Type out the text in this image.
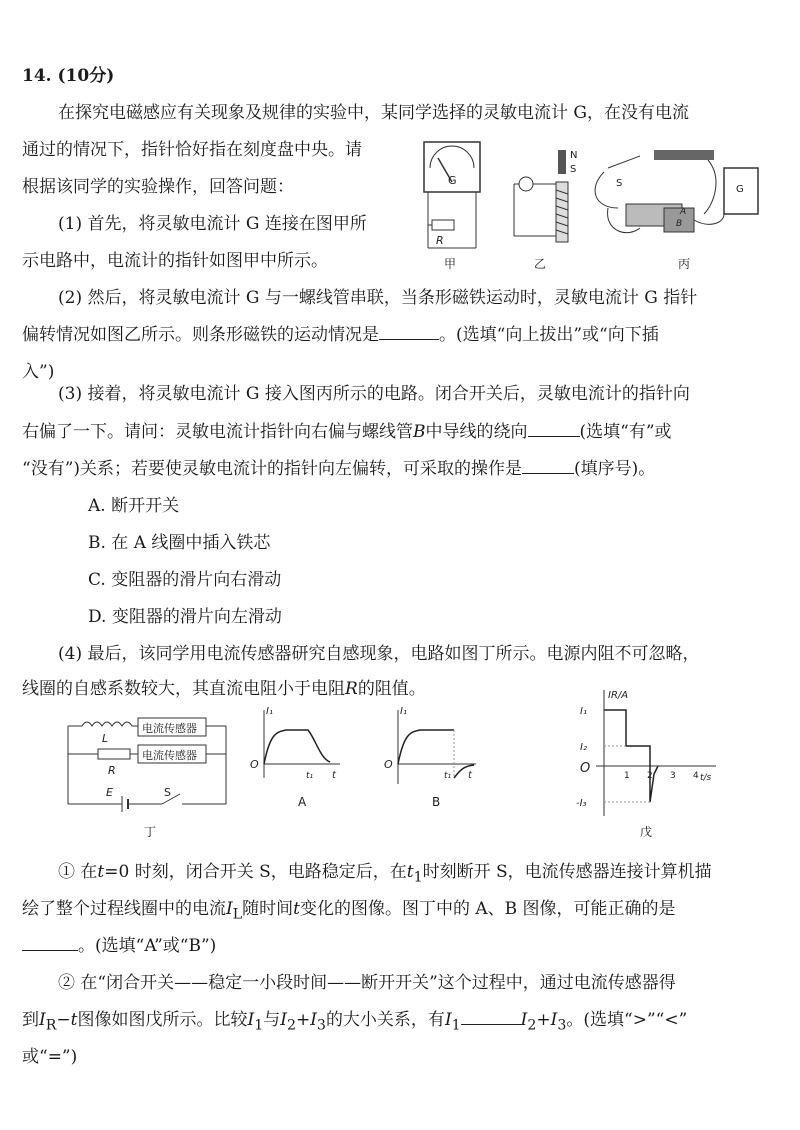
14. (10分)
在探究电磁感应有关现象及规律的实验中，某同学选择的灵敏电流计 G，在没有电流
通过的情况下，指针恰好指在刻度盘中央。请
根据该同学的实验操作，回答问题：
(1) 首先，将灵敏电流计 G 连接在图甲所
示电路中，电流计的指针如图甲中所示。
G
R
甲
N
S
乙
S
A
B
G
丙
(2) 然后，将灵敏电流计 G 与一螺线管串联，当条形磁铁运动时，灵敏电流计 G 指针
偏转情况如图乙所示。则条形磁铁的运动情况是	。(选填“向上拔出”或“向下插
入”)
(3) 接着，将灵敏电流计 G 接入图丙所示的电路。闭合开关后，灵敏电流计的指针向
右偏了一下。请问：灵敏电流计指针向右偏与螺线管B中导线的绕向	(选填“有”或
“没有”)关系；若要使灵敏电流计的指针向左偏转，可采取的操作是	(填序号)。
A. 断开开关
B. 在 A 线圈中插入铁芯
C. 变阻器的滑片向右滑动
D. 变阻器的滑片向左滑动
(4) 最后，该同学用电流传感器研究自感现象，电路如图丁所示。电源内阻不可忽略，
线圈的自感系数较大，其直流电阻小于电阻R的阻值。
L
电流传感器
R
电流传感器
E	S
丁
O
I₁
t
t₁
A
O
I₁
t
t₁
B
IR/A
t/s
O
I₁
I₂
-I₃
1 2 3 4
戊
① 在t=0 时刻，闭合开关 S，电路稳定后，在$t_1$时刻断开 S，电流传感器连接计算机描
绘了整个过程线圈中的电流$I_L$随时间t变化的图像。图丁中的 A、B 图像，可能正确的是
。(选填“A”或“B”)
② 在“闭合开关——稳定一小段时间——断开开关”这个过程中，通过电流传感器得
到$I_R-t$图像如图戊所示。比较$I_1$与$I_2+I_3$的大小关系，有$I_1$	$I_2+I_3$。(选填“>”“<”
或“=”)
